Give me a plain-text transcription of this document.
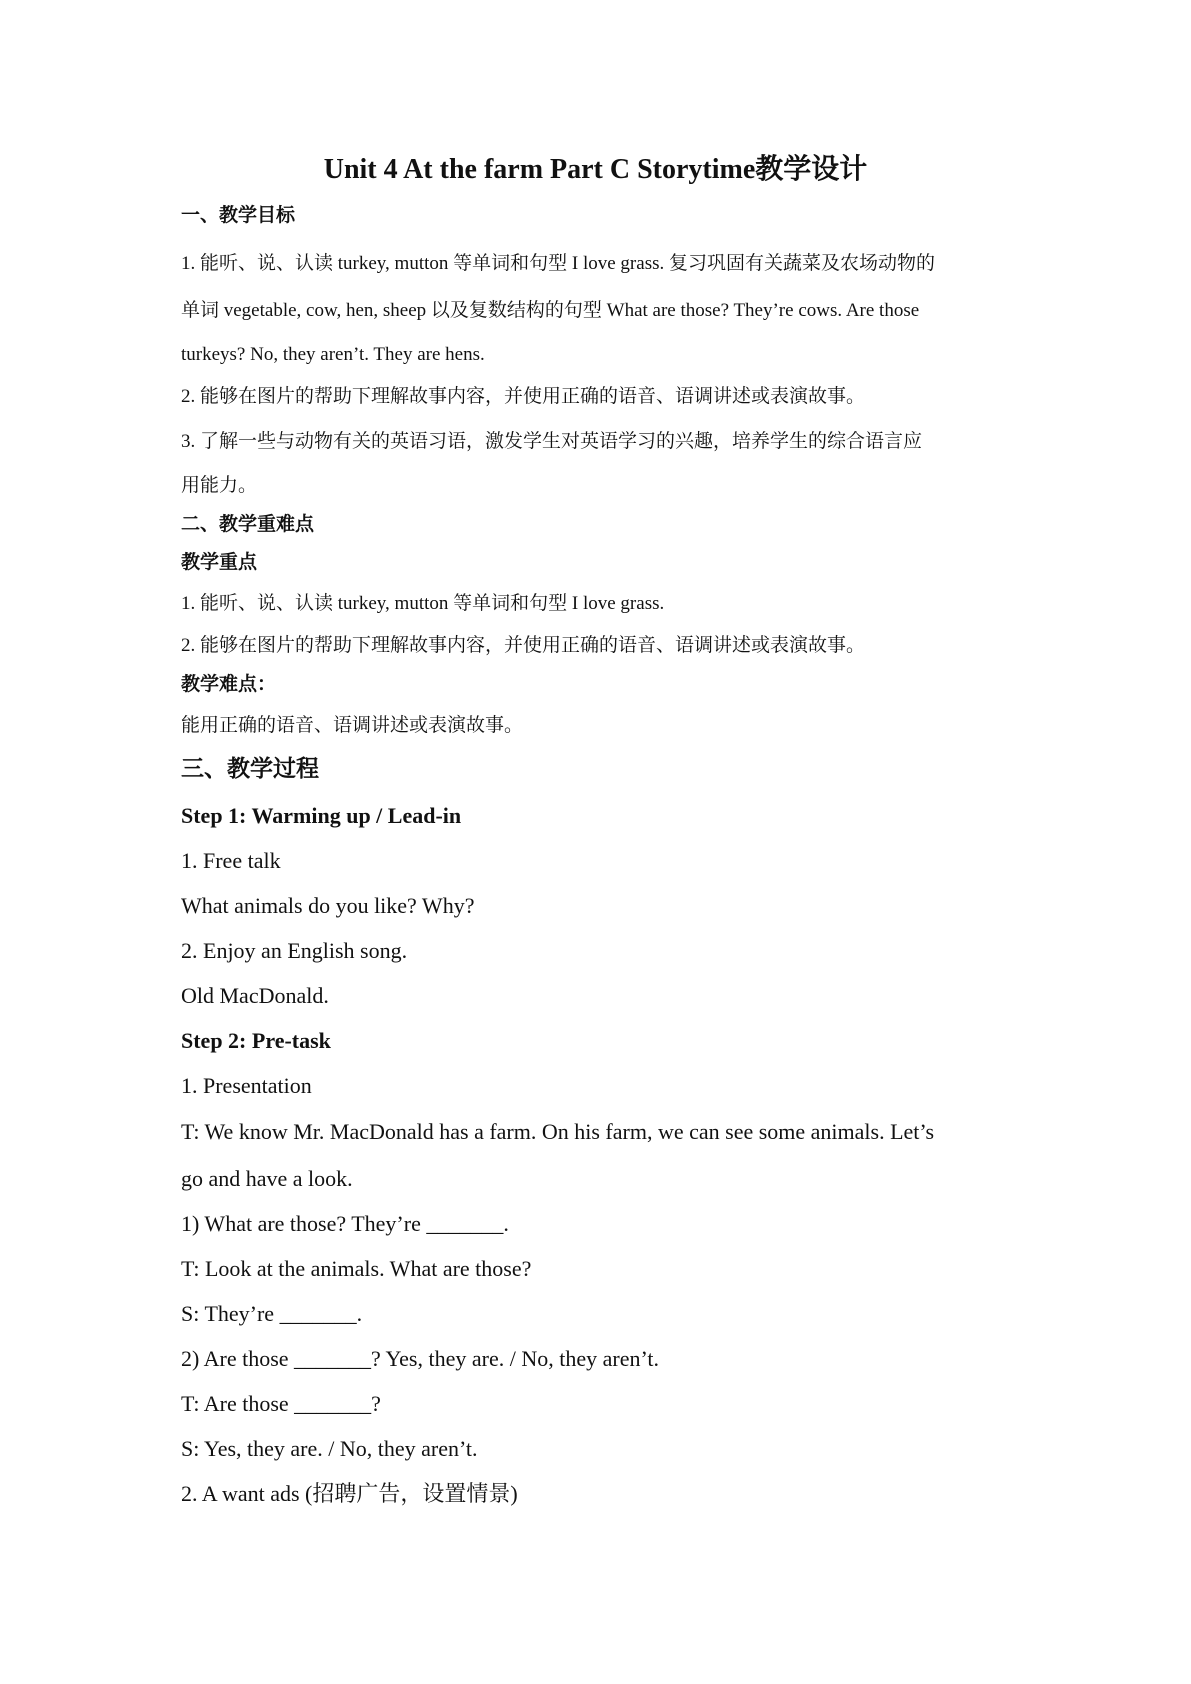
Unit 4 At the farm Part C Storytime教学设计

一、教学目标

1. 能听、说、认读 turkey, mutton 等单词和句型 I love grass. 复习巩固有关蔬菜及农场动物的

单词 vegetable, cow, hen, sheep 以及复数结构的句型 What are those? They’re cows. Are those

turkeys? No, they aren’t. They are hens.

2. 能够在图片的帮助下理解故事内容，并使用正确的语音、语调讲述或表演故事。

3. 了解一些与动物有关的英语习语，激发学生对英语学习的兴趣，培养学生的综合语言应

用能力。

二、教学重难点

教学重点

1. 能听、说、认读 turkey, mutton 等单词和句型 I love grass.

2. 能够在图片的帮助下理解故事内容，并使用正确的语音、语调讲述或表演故事。

教学难点：

能用正确的语音、语调讲述或表演故事。

三、教学过程

Step 1: Warming up / Lead-in

1. Free talk

What animals do you like? Why?

2. Enjoy an English song.

Old MacDonald.

Step 2: Pre-task

1. Presentation

T: We know Mr. MacDonald has a farm. On his farm, we can see some animals. Let’s

go and have a look.

1) What are those? They’re _______.

T: Look at the animals. What are those?

S: They’re _______.

2) Are those _______? Yes, they are. / No, they aren’t.

T: Are those _______?

S: Yes, they are. / No, they aren’t.

2. A want ads (招聘广告，设置情景)
